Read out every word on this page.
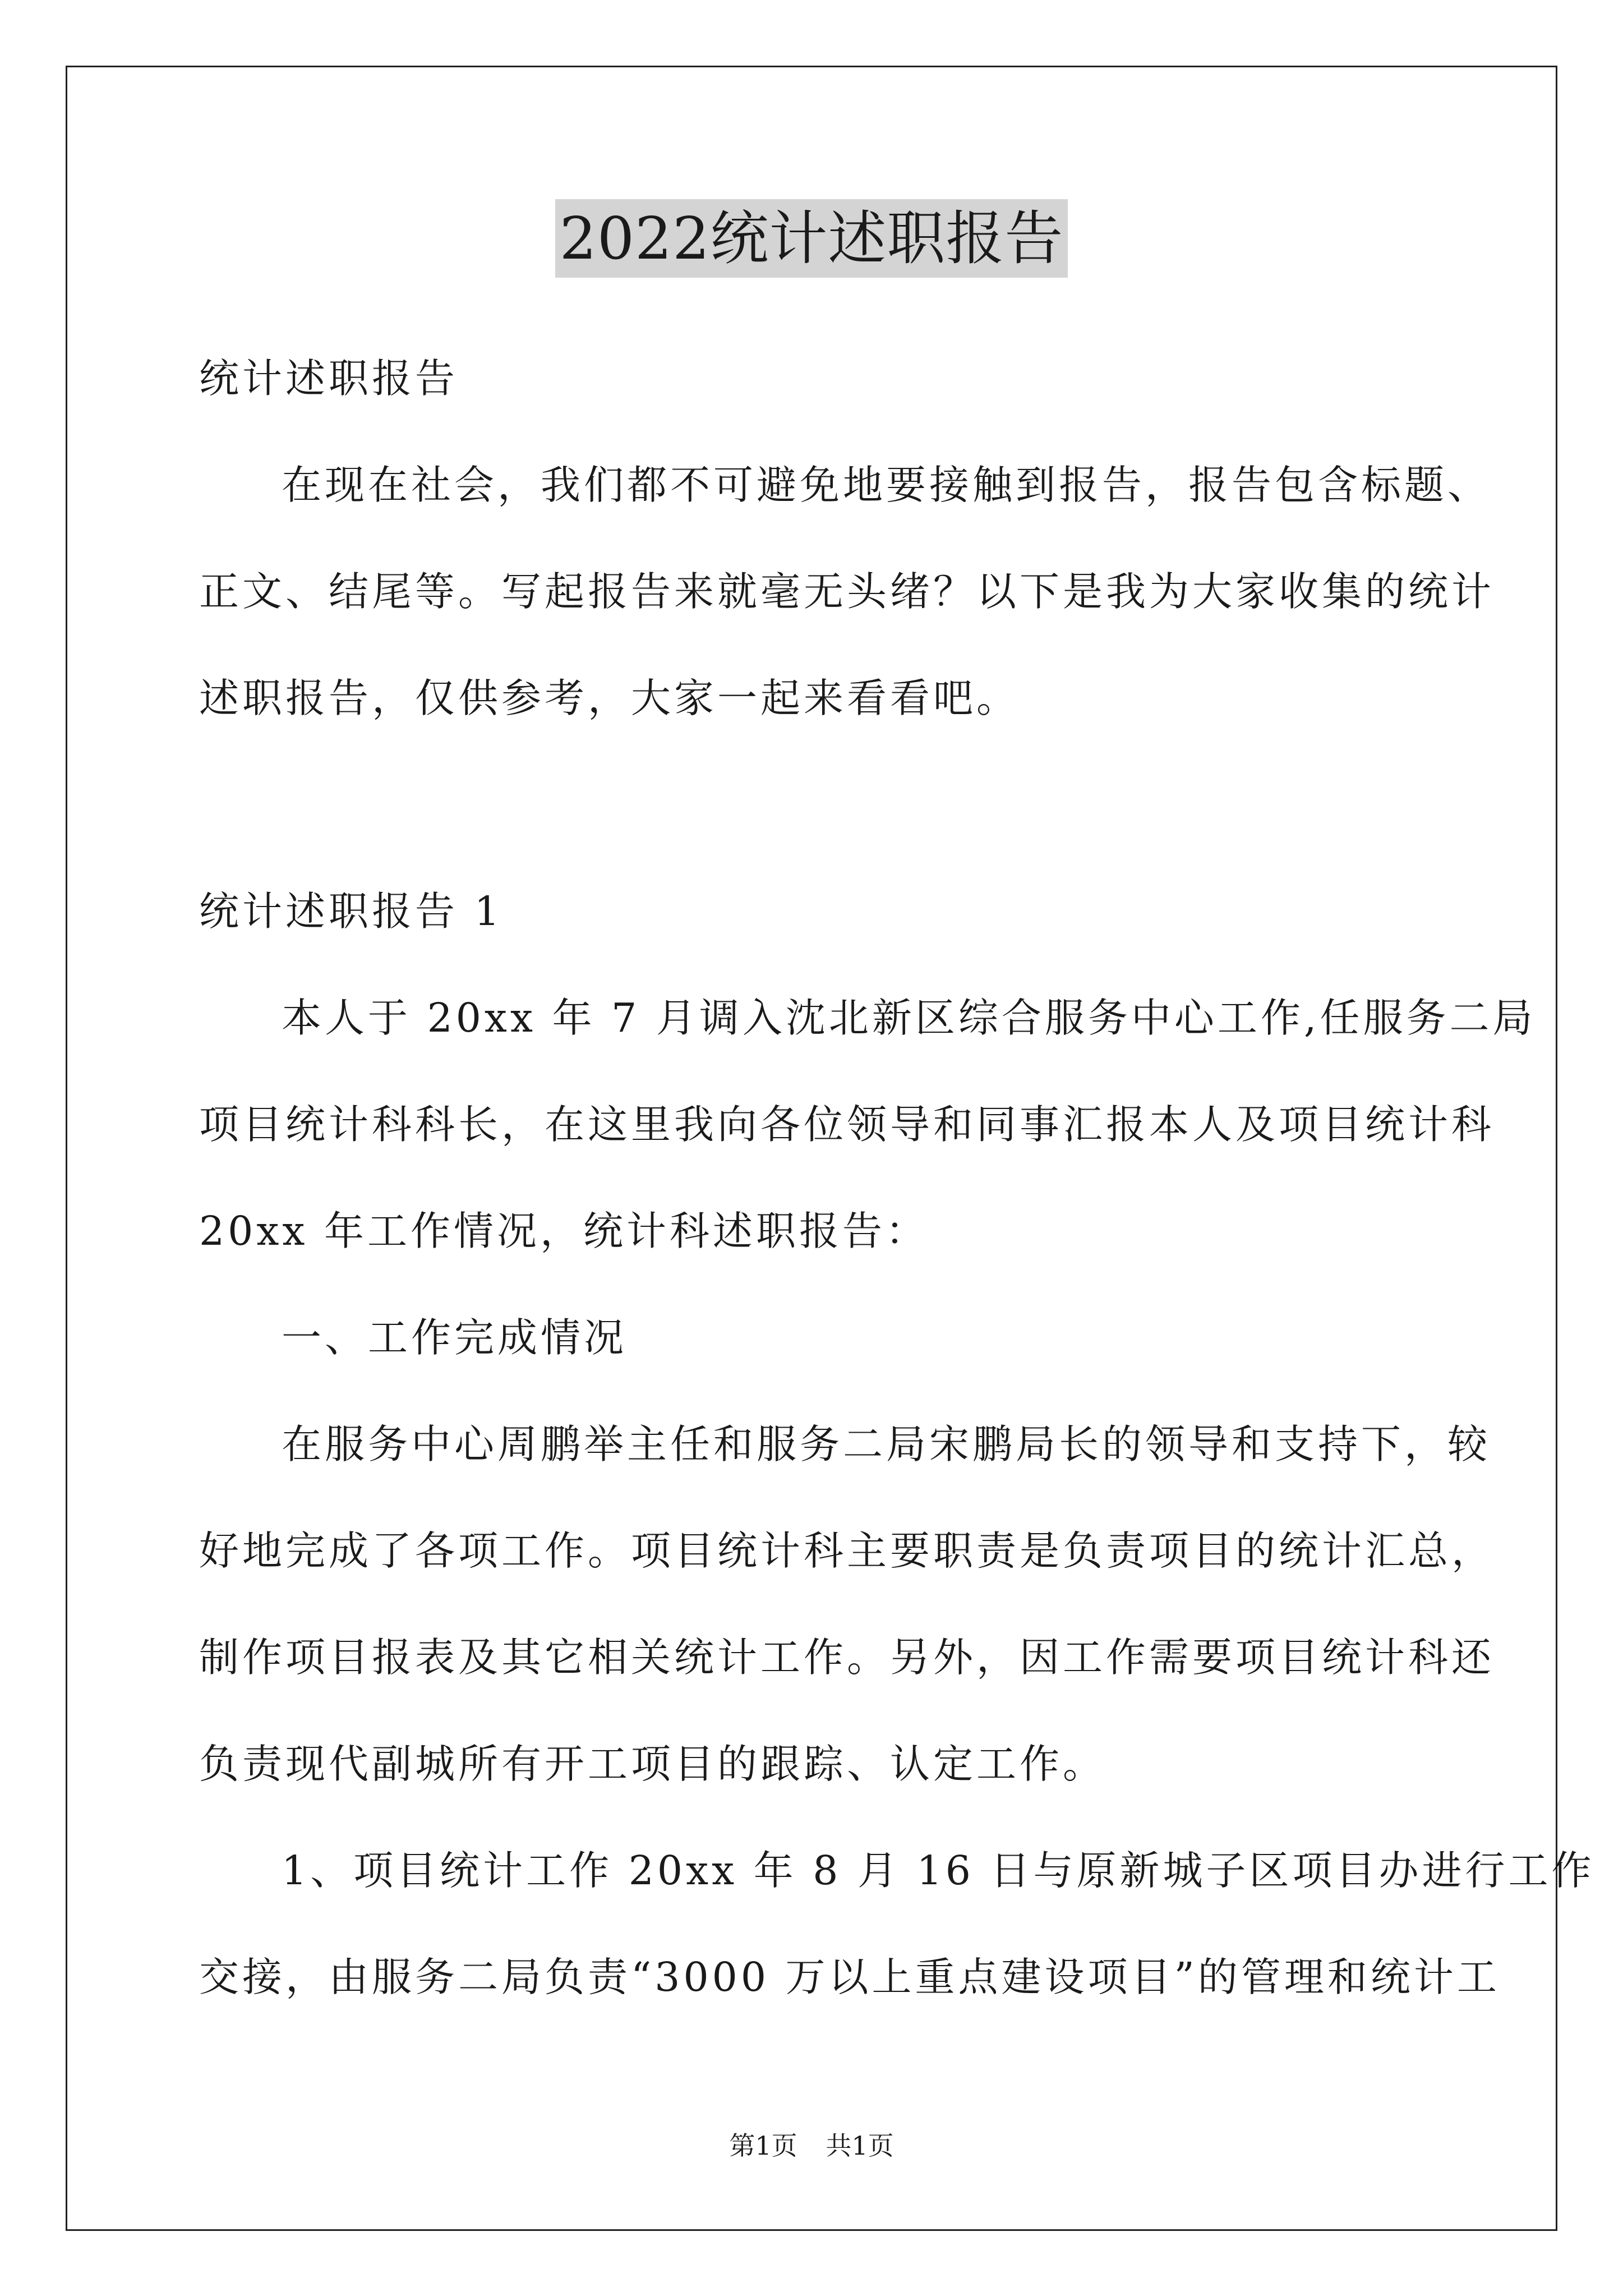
2022统计述职报告

统计述职报告

在现在社会，我们都不可避免地要接触到报告，报告包含标题、

正文、结尾等。写起报告来就毫无头绪？以下是我为大家收集的统计

述职报告，仅供参考，大家一起来看看吧。

统计述职报告 1

本人于 20xx 年 7 月调入沈北新区综合服务中心工作,任服务二局

项目统计科科长，在这里我向各位领导和同事汇报本人及项目统计科

20xx 年工作情况，统计科述职报告：

一、工作完成情况

在服务中心周鹏举主任和服务二局宋鹏局长的领导和支持下，较

好地完成了各项工作。项目统计科主要职责是负责项目的统计汇总，

制作项目报表及其它相关统计工作。另外，因工作需要项目统计科还

负责现代副城所有开工项目的跟踪、认定工作。

1、项目统计工作 20xx 年 8 月 16 日与原新城子区项目办进行工作

交接，由服务二局负责“3000 万以上重点建设项目”的管理和统计工

第1页 共1页
